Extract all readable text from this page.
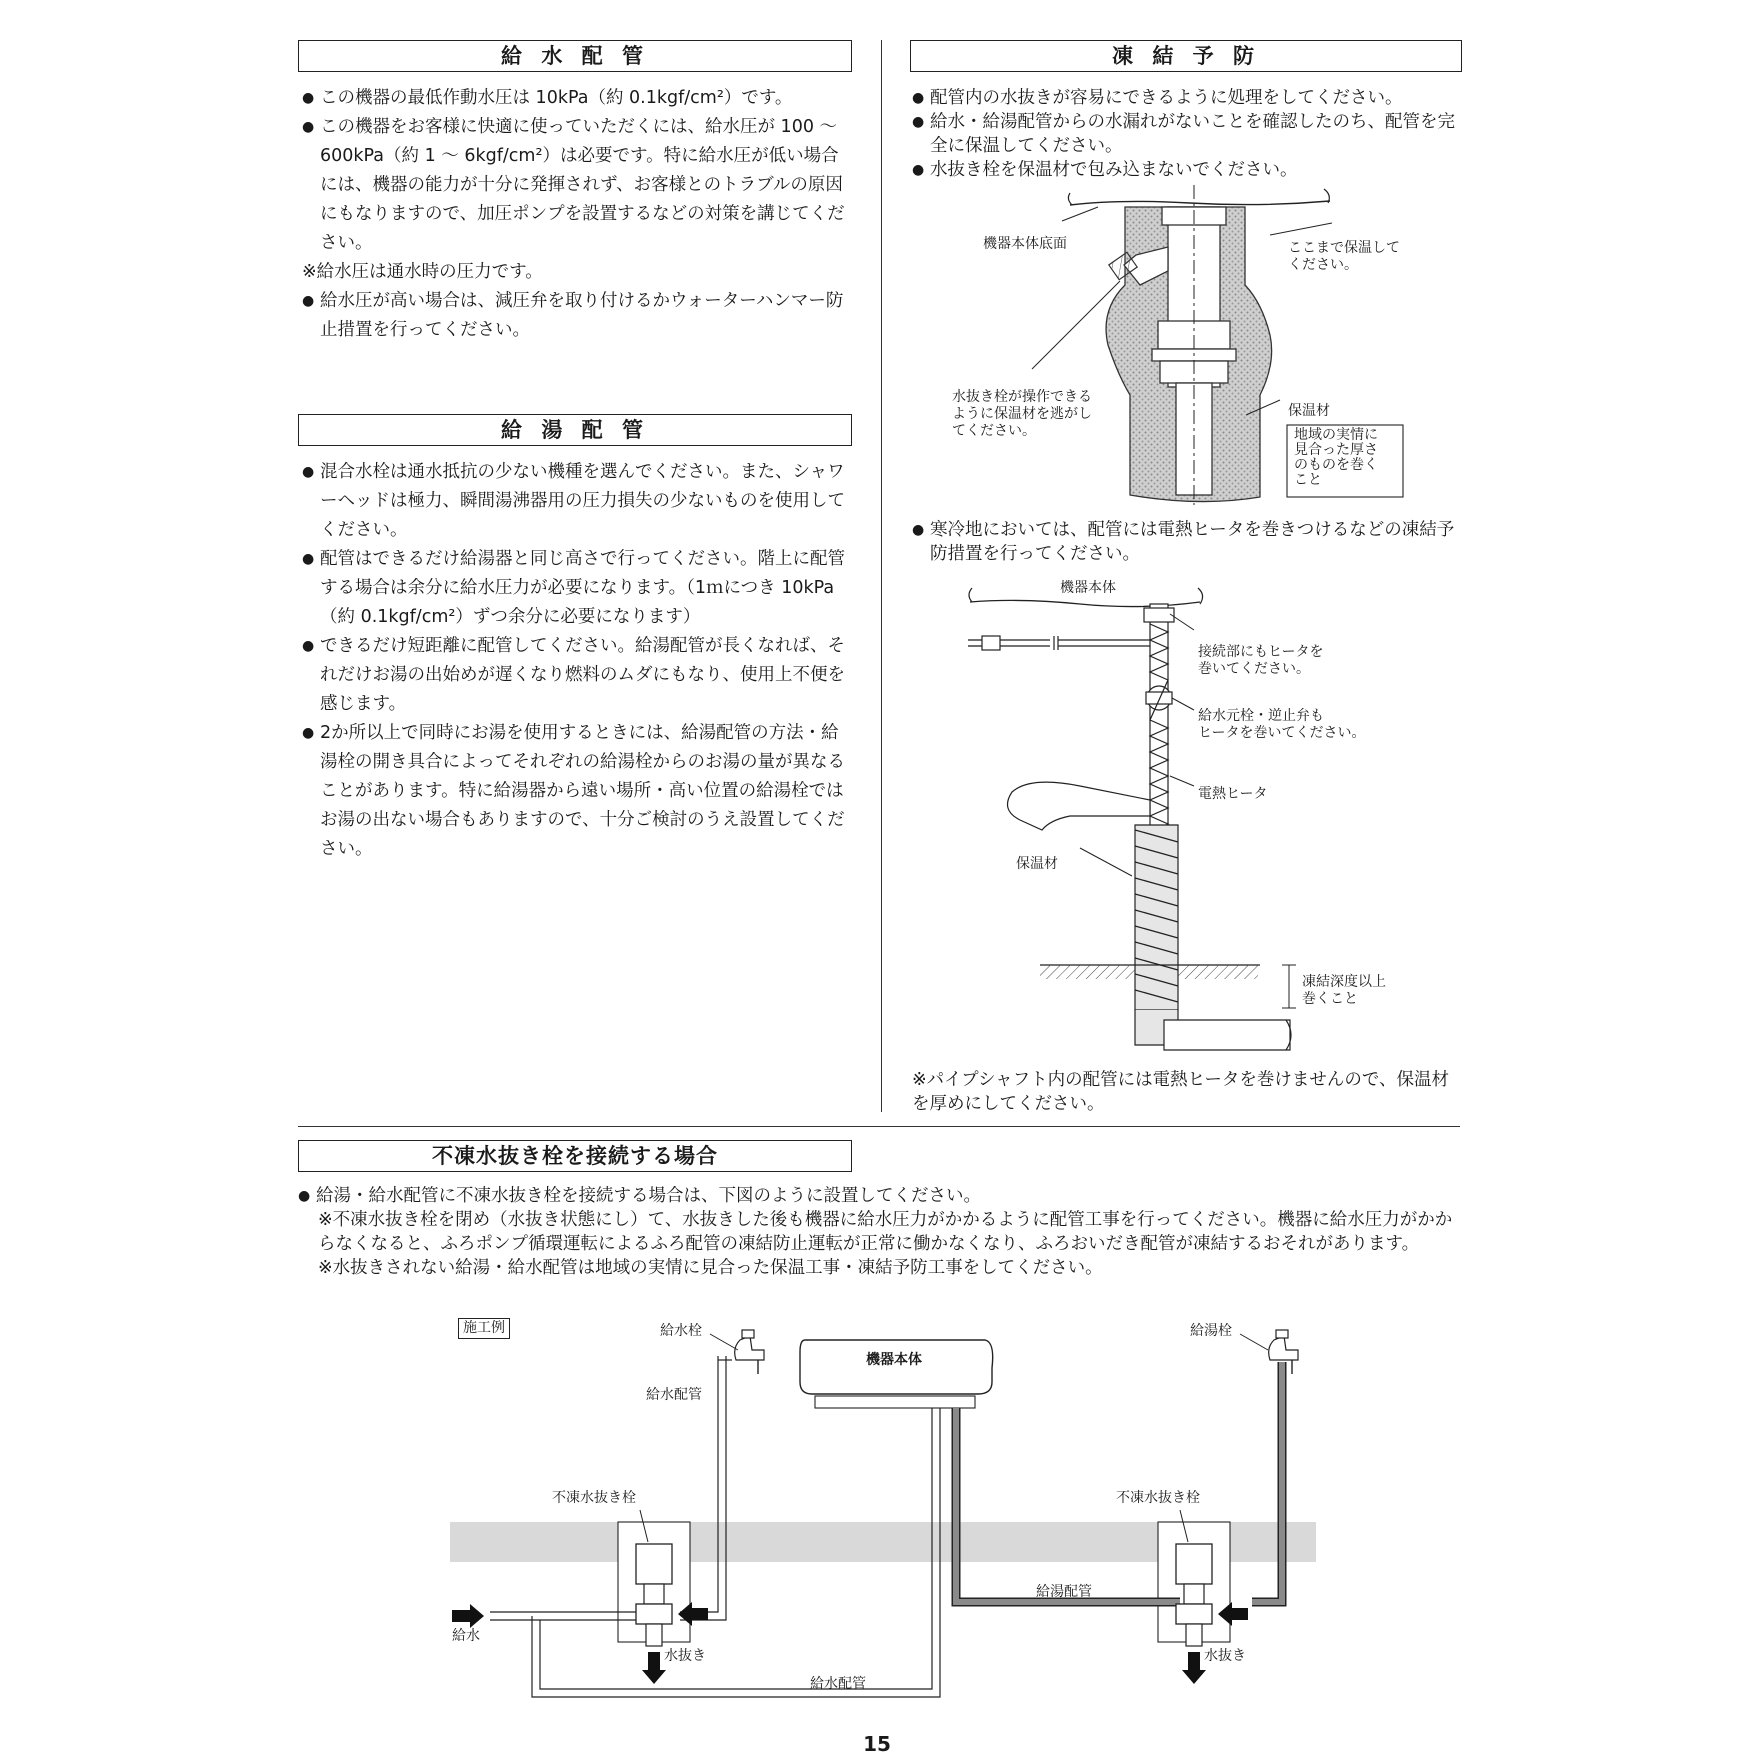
給 水 配 管

● この機器の最低作動水圧は 10kPa（約 0.1kgf/cm²）です。

● この機器をお客様に快適に使っていただくには、給水圧が 100 ～ 600kPa（約 1 ～ 6kgf/cm²）は必要です。特に給水圧が低い場合には、機器の能力が十分に発揮されず、お客様とのトラブルの原因にもなりますので、加圧ポンプを設置するなどの対策を講じてください。

※給水圧は通水時の圧力です。

● 給水圧が高い場合は、減圧弁を取り付けるかウォーターハンマー防止措置を行ってください。

給 湯 配 管

● 混合水栓は通水抵抗の少ない機種を選んでください。また、シャワーヘッドは極力、瞬間湯沸器用の圧力損失の少ないものを使用してください。

● 配管はできるだけ給湯器と同じ高さで行ってください。階上に配管する場合は余分に給水圧力が必要になります。（1ｍにつき 10kPa（約 0.1kgf/cm²）ずつ余分に必要になります）

● できるだけ短距離に配管してください。給湯配管が長くなれば、それだけお湯の出始めが遅くなり燃料のムダにもなり、使用上不便を感じます。

● 2か所以上で同時にお湯を使用するときには、給湯配管の方法・給湯栓の開き具合によってそれぞれの給湯栓からのお湯の量が異なることがあります。特に給湯器から遠い場所・高い位置の給湯栓ではお湯の出ない場合もありますので、十分ご検討のうえ設置してください。

凍 結 予 防

● 配管内の水抜きが容易にできるように処理をしてください。

● 給水・給湯配管からの水漏れがないことを確認したのち、配管を完全に保温してください。

● 水抜き栓を保温材で包み込まないでください。

機器本体底面	ここまで保温して
ください。
水抜き栓が操作できる
ように保温材を逃がし
てください。
保温材
地域の実情に
見合った厚さ
のものを巻く
こと

● 寒冷地においては、配管には電熱ヒータを巻きつけるなどの凍結予防措置を行ってください。

機器本体
接続部にもヒータを
巻いてください。
給水元栓・逆止弁も
ヒータを巻いてください。
電熱ヒータ
保温材
凍結深度以上
巻くこと

※パイプシャフト内の配管には電熱ヒータを巻けませんので、保温材を厚めにしてください。

不凍水抜き栓を接続する場合

● 給湯・給水配管に不凍水抜き栓を接続する場合は、下図のように設置してください。

※不凍水抜き栓を閉め（水抜き状態にし）て、水抜きした後も機器に給水圧力がかかるように配管工事を行ってください。機器に給水圧力がかからなくなると、ふろポンプ循環運転によるふろ配管の凍結防止運転が正常に働かなくなり、ふろおいだき配管が凍結するおそれがあります。

※水抜きされない給湯・給水配管は地域の実情に見合った保温工事・凍結予防工事をしてください。

施工例	給水栓
機器本体
給湯栓
給水配管
不凍水抜き栓	不凍水抜き栓
給湯配管
給水
水抜き	水抜き
給水配管
15
